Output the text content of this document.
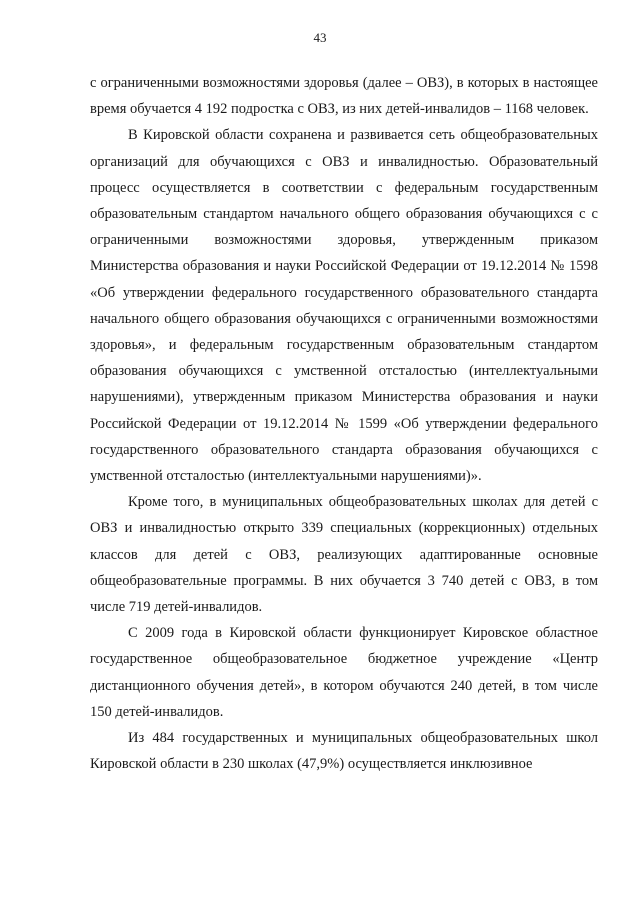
43

с ограниченными возможностями здоровья (далее – ОВЗ), в которых в настоящее время обучается 4 192 подростка с ОВЗ, из них детей-инвалидов – 1168 человек.

В Кировской области сохранена и развивается сеть общеобразовательных организаций для обучающихся с ОВЗ и инвалидностью. Образовательный процесс осуществляется в соответствии с федеральным государственным образовательным стандартом начального общего образования обучающихся с с ограниченными возможностями здоровья, утвержденным приказом Министерства образования и науки Российской Федерации от 19.12.2014 № 1598 «Об утверждении федерального государственного образовательного стандарта начального общего образования обучающихся с ограниченными возможностями здоровья», и федеральным государственным образовательным стандартом образования обучающихся с умственной отсталостью (интеллектуальными нарушениями), утвержденным приказом Министерства образования и науки Российской Федерации от 19.12.2014 № 1599 «Об утверждении федерального государственного образовательного стандарта образования обучающихся с умственной отсталостью (интеллектуальными нарушениями)».

Кроме того, в муниципальных общеобразовательных школах для детей с ОВЗ и инвалидностью открыто 339 специальных (коррекционных) отдельных классов для детей с ОВЗ, реализующих адаптированные основные общеобразовательные программы. В них обучается 3 740 детей с ОВЗ, в том числе 719 детей-инвалидов.

С 2009 года в Кировской области функционирует Кировское областное государственное общеобразовательное бюджетное учреждение «Центр дистанционного обучения детей», в котором обучаются 240 детей, в том числе 150 детей-инвалидов.

Из 484 государственных и муниципальных общеобразовательных школ Кировской области в 230 школах (47,9%) осуществляется инклюзивное
